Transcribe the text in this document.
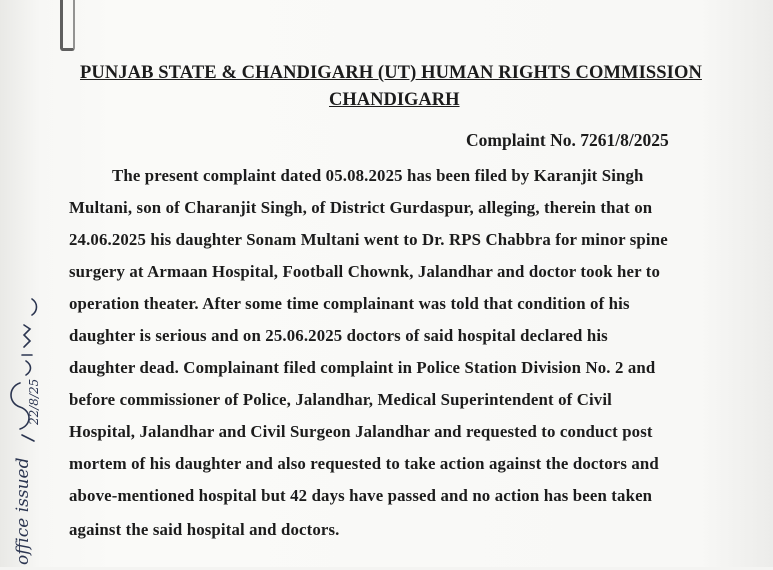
PUNJAB STATE & CHANDIGARH (UT) HUMAN RIGHTS COMMISSION
CHANDIGARH
Complaint No. 7261/8/2025
The present complaint dated 05.08.2025 has been filed by Karanjit Singh
Multani, son of Charanjit Singh, of District Gurdaspur, alleging, therein that on
24.06.2025 his daughter Sonam Multani went to Dr. RPS Chabbra for minor spine
surgery at Armaan Hospital, Football Chownk, Jalandhar and doctor took her to
operation theater. After some time complainant was told that condition of his
daughter is serious and on 25.06.2025 doctors of said hospital declared his
daughter dead. Complainant filed complaint in Police Station Division No. 2 and
before commissioner of Police, Jalandhar, Medical Superintendent of Civil
Hospital, Jalandhar and Civil Surgeon Jalandhar and requested to conduct post
mortem of his daughter and also requested to take action against the doctors and
above-mentioned hospital but 42 days have passed and no action has been taken
against the said hospital and doctors.
office issued
22/8/25
